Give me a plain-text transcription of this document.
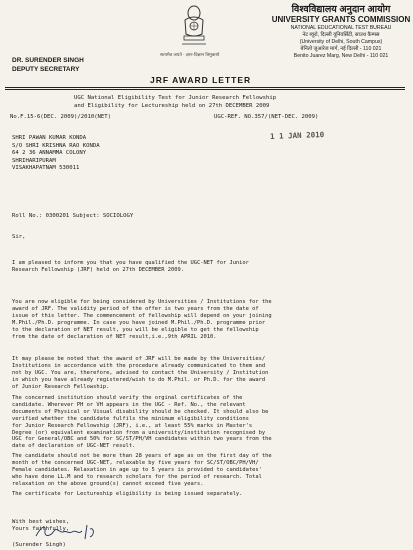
DR. SURENDER SINGH
DEPUTY SECRETARY
सत्यमेव जयते · ज्ञान-विज्ञान विमुक्तये
विश्वविद्यालय अनुदान आयोग
UNIVERSITY GRANTS COMMISSION
NATIONAL EDUCATIONAL TEST BUREAU
नेट ब्यूरो, दिल्ली यूनिवर्सिटी, साउथ कैम्पस
(University of Delhi, South Campus)
बेनितो जुआरेज मार्ग, नई दिल्ली - 110 021
Benito Juarez Marg, New Delhi - 110 021
JRF AWARD LETTER
UGC National Eligibility Test for Junior Research Fellowship
and Eligibility for Lectureship held on 27th DECEMBER 2009
No.F.15-6(DEC. 2009)/2010(NET)	UGC-REF. NO.357/(NET-DEC. 2009)
SHRI PAWAN KUMAR KONDA
S/O SHRI KRISHNA RAO KONDA
64 2 36 ANNAMMA COLONY
SHRIHARIPURAM
VISAKHAPATNAM 530011
1 1 JAN 2010
Roll No.: 0300201 Subject: SOCIOLOGY
Sir,
I am pleased to inform you that you have qualified the UGC-NET for Junior
Research Fellowship (JRF) held on 27th DECEMBER 2009.
You are now eligible for being considered by Universities / Institutions for the
award of JRF. The validity period of the offer is two years from the date of
issue of this letter. The commencement of fellowship will depend on your joining
M.Phil./Ph.D. programme. In case you have joined M.Phil./Ph.D. programme prior
to the declaration of NET result, you will be eligible to get the fellowship
from the date of declaration of NET result,i.e.,9th APRIL 2010.
It may please be noted that the award of JRF will be made by the Universities/
Institutions in accordance with the procedure already communicated to them and
not by UGC. You are, therefore, advised to contact the University / Institution
in which you have already registered/wish to do M.Phil. or Ph.D. for the award
of Junior Research Fellowship.
The concerned institution should verify the orginal certificates of the
candidate. Wherever PH or VH appears in the UGC - Ref. No., the relevant
documents of Physical or Visual disability should be checked. It should also be
verified whether the candidate fulfils the minimum eligibility conditions
for Junior Research Fellowship (JRF), i.e., at least 55% marks in Master's
Degree (or) equivalent examination from a university/institution recognised by
UGC for General/OBC and 50% for SC/ST/PH/VH candidates within two years from the
date of declaration of UGC-NET result.
The candidate should not be more than 28 years of age as on the first day of the
month of the concerned UGC-NET, relaxable by five years for SC/ST/OBC/PH/VH/
Female candidates. Relaxation in age up to 5 years is provided to candidates'
who have done LL.M and to research scholars for the period of research. Total
relaxation on the above ground(s) cannot exceed five years.
The certificate for Lectureship eligibility is being issued separately.
With best wishes,
Yours faithfully,
(Surender Singh)
